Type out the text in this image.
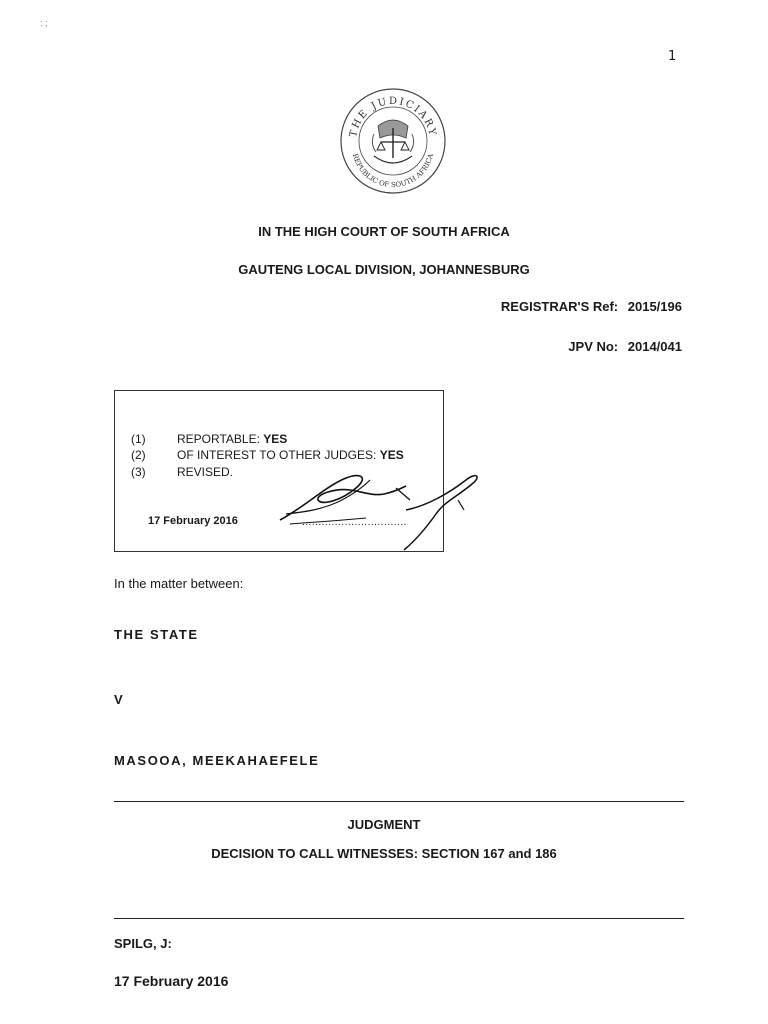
: ;
1
THE JUDICIARY
REPUBLIC OF SOUTH AFRICA
IN THE HIGH COURT OF SOUTH AFRICA
GAUTENG LOCAL DIVISION, JOHANNESBURG
REGISTRAR'S Ref: 2015/196
JPV No: 2014/041
(1)	REPORTABLE: YES
(2)	OF INTEREST TO OTHER JUDGES: YES
(3)	REVISED.
17 February 2016	................................
In the matter between:
THE STATE
V
MASOOA, MEEKAHAEFELE
JUDGMENT
DECISION TO CALL WITNESSES: SECTION 167 and 186
SPILG, J:
17 February 2016
